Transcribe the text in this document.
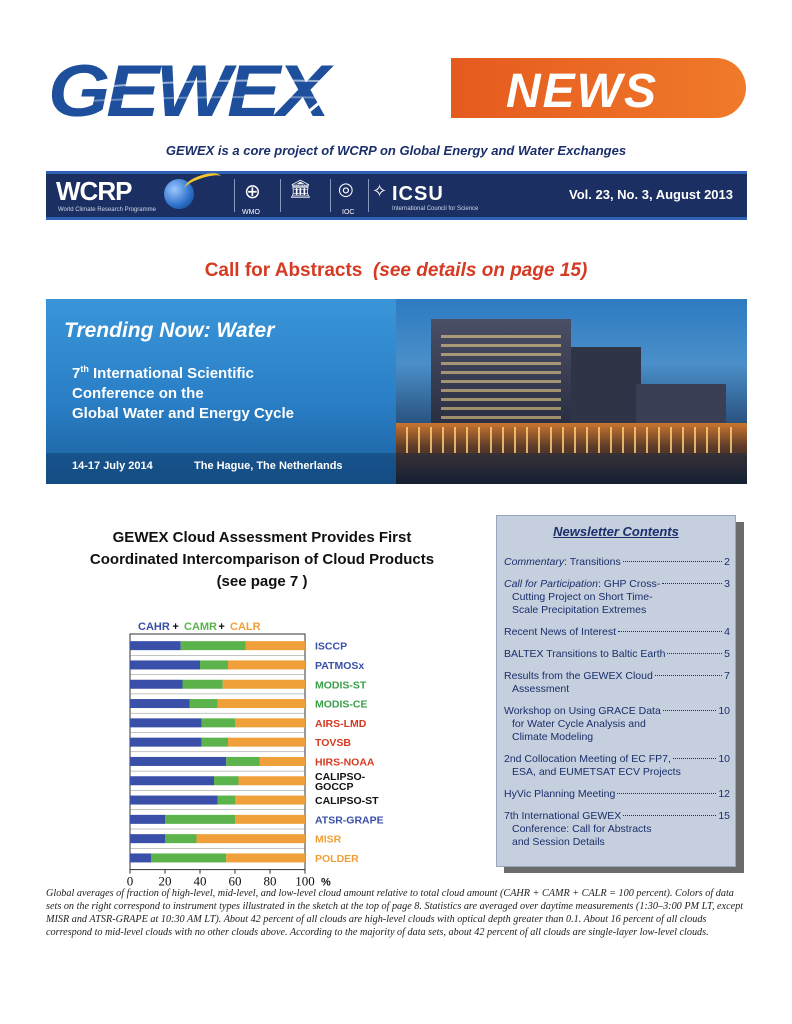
GEWEX	NEWS
GEWEX is a core project of WCRP on Global Energy and Water Exchanges
WCRP
World Climate Research Programme
⊕
WMO
🏛 ◎
IOC
✧ ICSU
International Council for Science
Vol. 23, No. 3, August 2013
Call for Abstracts (see details on page 15)
Trending Now: Water
7th International Scientific
Conference on the
Global Water and Energy Cycle
14-17 July 2014	The Hague, The Netherlands
GEWEX Cloud Assessment Provides First Coordinated Intercomparison of Cloud Products (see page 7 )
CAHR + CAMR + CALR
ISCCP
PATMOSx
MODIS-ST
MODIS-CE
AIRS-LMD
TOVSB
HIRS-NOAA
CALIPSO-
GOCCP
CALIPSO-ST
ATSR-GRAPE
MISR
POLDER
0 20 40 60 80 100 %
Newsletter Contents
Commentary: Transitions	2
Call for Participation: GHP Cross-	3
Cutting Project on Short Time-
Scale Precipitation Extremes
Recent News of Interest	4
BALTEX Transitions to Baltic Earth	5
Results from the GEWEX Cloud	7
Assessment
Workshop on Using GRACE Data	10
for Water Cycle Analysis and
Climate Modeling
2nd Collocation Meeting of EC FP7,	10
ESA, and EUMETSAT ECV Projects
HyVic Planning Meeting	12
7th International GEWEX	15
Conference: Call for Abstracts
and Session Details
Global averages of fraction of high-level, mid-level, and low-level cloud amount relative to total cloud amount (CAHR + CAMR + CALR = 100 percent). Colors of data sets on the right correspond to instrument types illustrated in the sketch at the top of page 8. Statistics are averaged over daytime measurements (1:30–3:00 PM LT, except MISR and ATSR-GRAPE at 10:30 AM LT). About 42 percent of all clouds are high-level clouds with optical depth greater than 0.1. About 16 percent of all clouds correspond to mid-level clouds with no other clouds above. According to the majority of data sets, about 42 percent of all clouds are single-layer low-level clouds.
